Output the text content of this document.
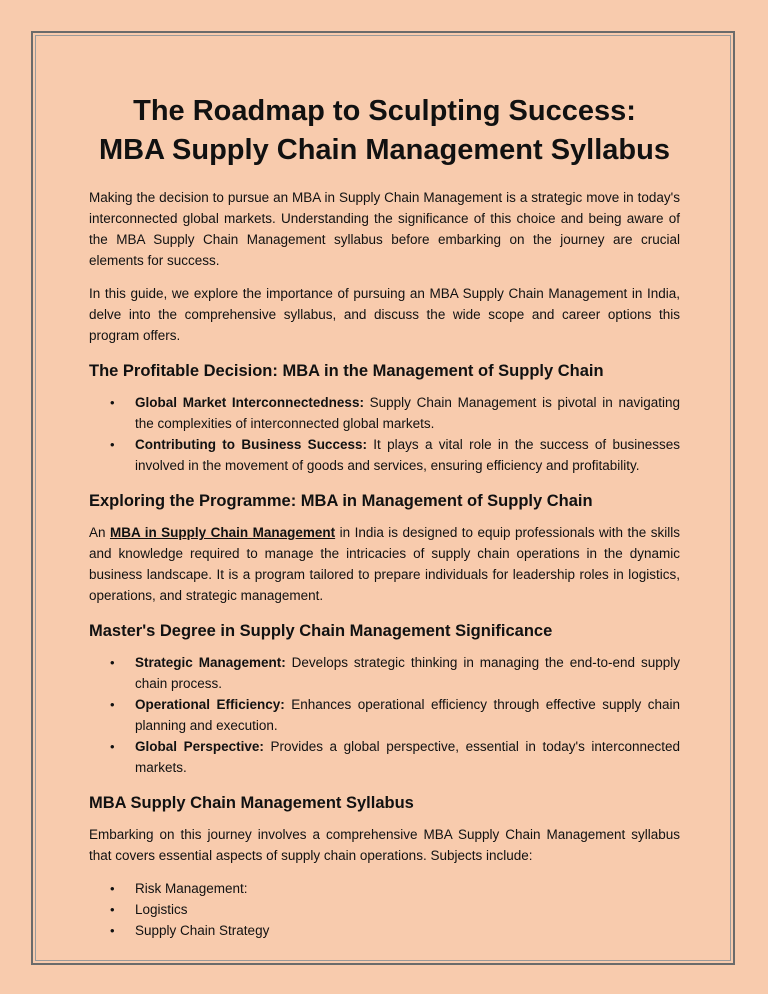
The Roadmap to Sculpting Success: MBA Supply Chain Management Syllabus

Making the decision to pursue an MBA in Supply Chain Management is a strategic move in today's interconnected global markets. Understanding the significance of this choice and being aware of the MBA Supply Chain Management syllabus before embarking on the journey are crucial elements for success.

In this guide, we explore the importance of pursuing an MBA Supply Chain Management in India, delve into the comprehensive syllabus, and discuss the wide scope and career options this program offers.

The Profitable Decision: MBA in the Management of Supply Chain
• Global Market Interconnectedness: Supply Chain Management is pivotal in navigating the complexities of interconnected global markets.
• Contributing to Business Success: It plays a vital role in the success of businesses involved in the movement of goods and services, ensuring efficiency and profitability.
Exploring the Programme: MBA in Management of Supply Chain

An MBA in Supply Chain Management in India is designed to equip professionals with the skills and knowledge required to manage the intricacies of supply chain operations in the dynamic business landscape. It is a program tailored to prepare individuals for leadership roles in logistics, operations, and strategic management.

Master's Degree in Supply Chain Management Significance
• Strategic Management: Develops strategic thinking in managing the end-to-end supply chain process.
• Operational Efficiency: Enhances operational efficiency through effective supply chain planning and execution.
• Global Perspective: Provides a global perspective, essential in today's interconnected markets.
MBA Supply Chain Management Syllabus

Embarking on this journey involves a comprehensive MBA Supply Chain Management syllabus that covers essential aspects of supply chain operations. Subjects include:

• Risk Management:
• Logistics
• Supply Chain Strategy
